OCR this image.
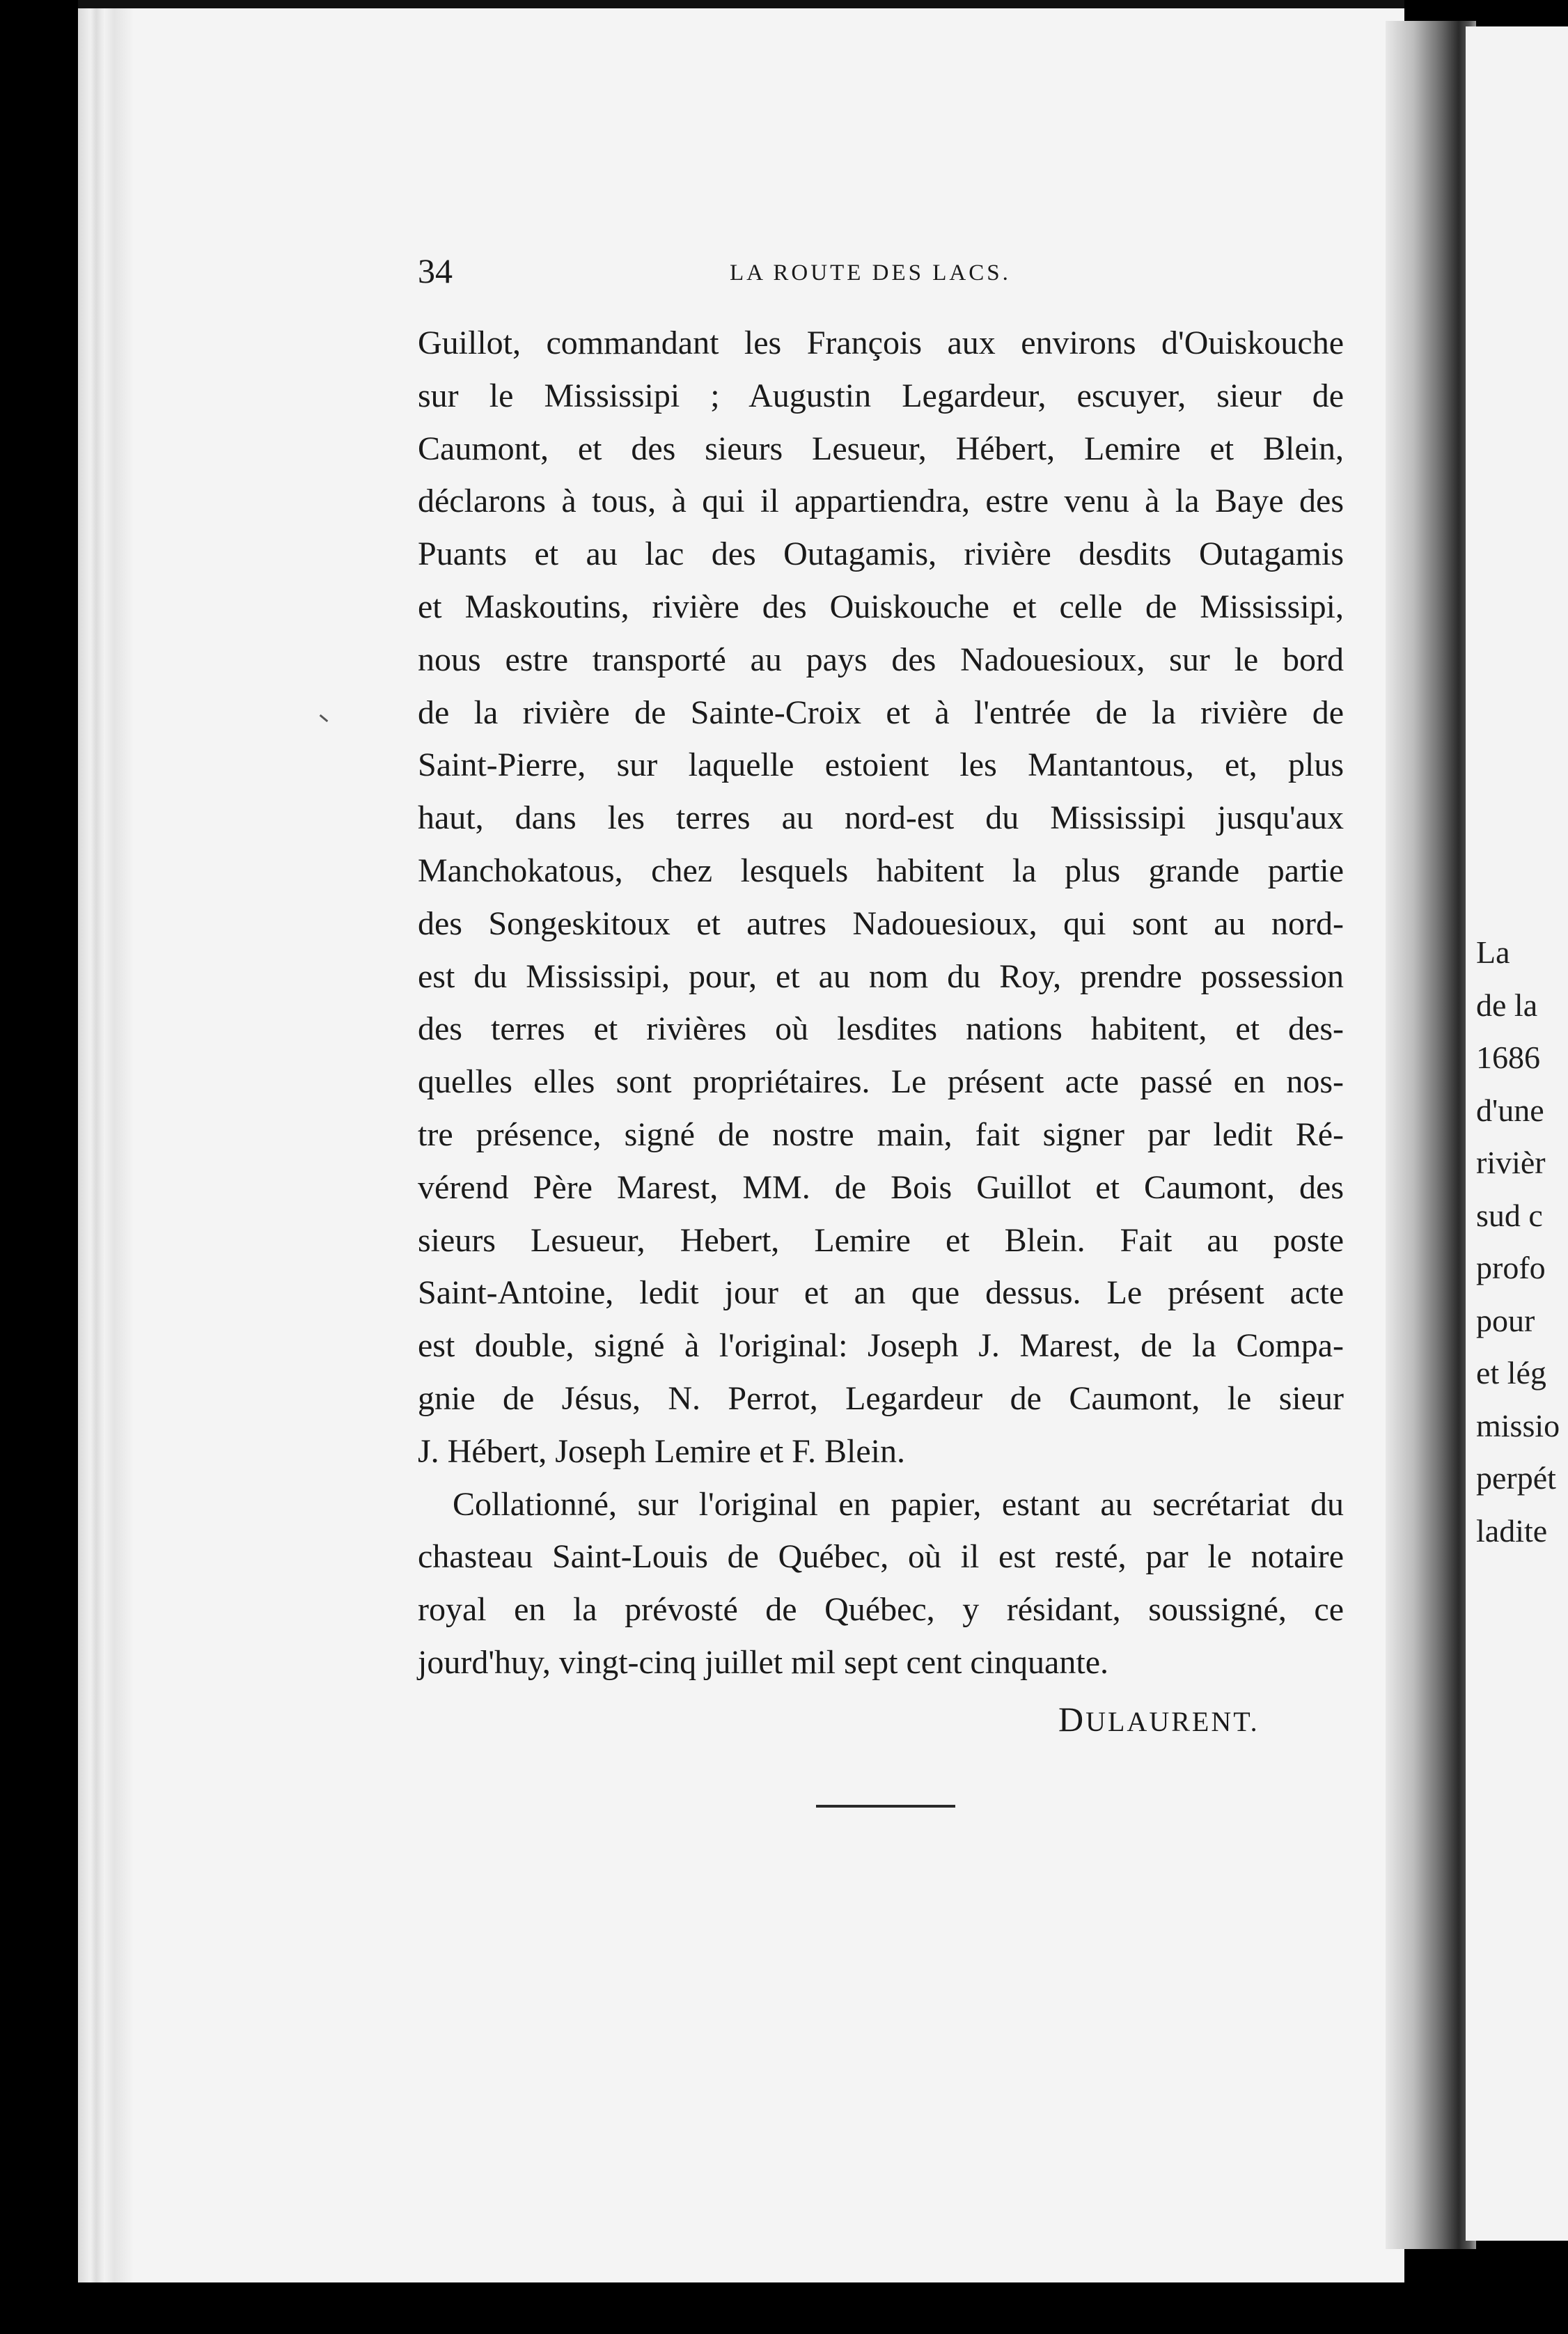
34	LA ROUTE DES LACS.
Guillot, commandant les François aux environs d'Ouiskouche
sur le Mississipi ; Augustin Legardeur, escuyer, sieur de
Caumont, et des sieurs Lesueur, Hébert, Lemire et Blein,
déclarons à tous, à qui il appartiendra, estre venu à la Baye des
Puants et au lac des Outagamis, rivière desdits Outagamis
et Maskoutins, rivière des Ouiskouche et celle de Mississipi,
nous estre transporté au pays des Nadouesioux, sur le bord
de la rivière de Sainte-Croix et à l'entrée de la rivière de
Saint-Pierre, sur laquelle estoient les Mantantous, et, plus
haut, dans les terres au nord-est du Mississipi jusqu'aux
Manchokatous, chez lesquels habitent la plus grande partie
des Songeskitoux et autres Nadouesioux, qui sont au nord-
est du Mississipi, pour, et au nom du Roy, prendre possession
des terres et rivières où lesdites nations habitent, et des-
quelles elles sont propriétaires. Le présent acte passé en nos-
tre présence, signé de nostre main, fait signer par ledit Ré-
vérend Père Marest, MM. de Bois Guillot et Caumont, des
sieurs Lesueur, Hebert, Lemire et Blein. Fait au poste
Saint-Antoine, ledit jour et an que dessus. Le présent acte
est double, signé à l'original: Joseph J. Marest, de la Compa-
gnie de Jésus, N. Perrot, Legardeur de Caumont, le sieur
J. Hébert, Joseph Lemire et F. Blein.
Collationné, sur l'original en papier, estant au secrétariat du
chasteau Saint-Louis de Québec, où il est resté, par le notaire
royal en la prévosté de Québec, y résidant, soussigné, ce
jourd'huy, vingt-cinq juillet mil sept cent cinquante.
DULAURENT.
La
de la
1686
d'une
rivièr
sud c
profo
pour
et lég
missio
perpét
ladite
